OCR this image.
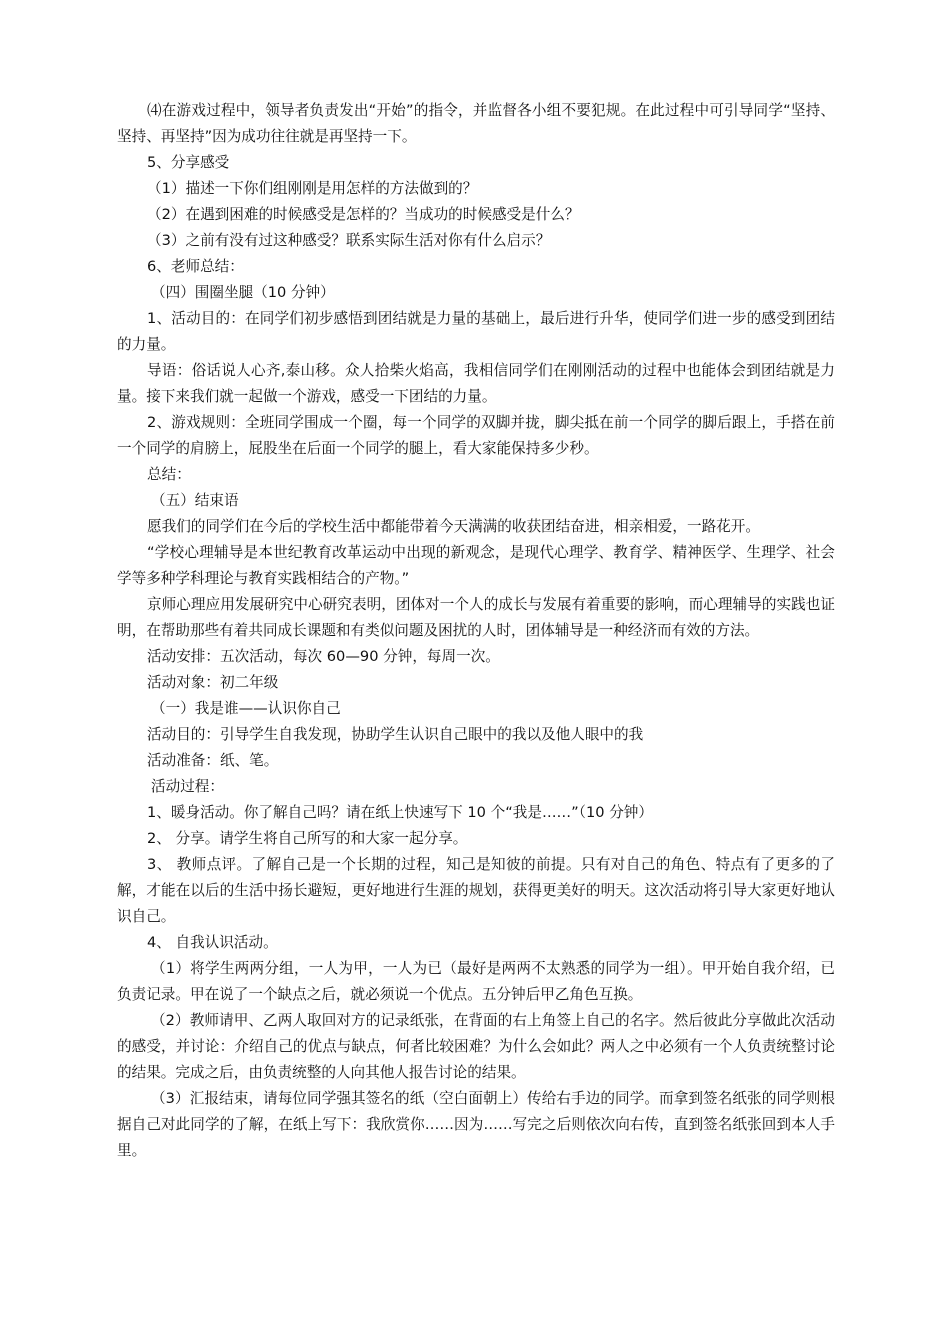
⑷在游戏过程中，领导者负责发出“开始”的指令，并监督各小组不要犯规。在此过程中可引导同学“坚持、坚持、再坚持”因为成功往往就是再坚持一下。

5、分享感受

（1）描述一下你们组刚刚是用怎样的方法做到的？

（2）在遇到困难的时候感受是怎样的？当成功的时候感受是什么？

（3）之前有没有过这种感受？联系实际生活对你有什么启示？

6、老师总结：

（四）围圈坐腿（10 分钟）

1、活动目的：在同学们初步感悟到团结就是力量的基础上，最后进行升华，使同学们进一步的感受到团结的力量。

导语：俗话说人心齐,泰山移。众人拾柴火焰高，我相信同学们在刚刚活动的过程中也能体会到团结就是力量。接下来我们就一起做一个游戏，感受一下团结的力量。

2、游戏规则：全班同学围成一个圈，每一个同学的双脚并拢，脚尖抵在前一个同学的脚后跟上，手搭在前一个同学的肩膀上，屁股坐在后面一个同学的腿上，看大家能保持多少秒。

总结：

（五）结束语

愿我们的同学们在今后的学校生活中都能带着今天满满的收获团结奋进，相亲相爱，一路花开。

“学校心理辅导是本世纪教育改革运动中出现的新观念，是现代心理学、教育学、精神医学、生理学、社会学等多种学科理论与教育实践相结合的产物。”

京师心理应用发展研究中心研究表明，团体对一个人的成长与发展有着重要的影响，而心理辅导的实践也证明，在帮助那些有着共同成长课题和有类似问题及困扰的人时，团体辅导是一种经济而有效的方法。

活动安排：五次活动，每次 60—90 分钟，每周一次。

活动对象：初二年级

（一）我是谁——认识你自己

活动目的：引导学生自我发现，协助学生认识自己眼中的我以及他人眼中的我

活动准备：纸、笔。

活动过程：

1、暖身活动。你了解自己吗？请在纸上快速写下 10 个“我是……”（10 分钟）

2、 分享。请学生将自己所写的和大家一起分享。

3、 教师点评。了解自己是一个长期的过程，知己是知彼的前提。只有对自己的角色、特点有了更多的了解，才能在以后的生活中扬长避短，更好地进行生涯的规划，获得更美好的明天。这次活动将引导大家更好地认识自己。

4、 自我认识活动。

（1）将学生两两分组，一人为甲，一人为已（最好是两两不太熟悉的同学为一组）。甲开始自我介绍，已负责记录。甲在说了一个缺点之后，就必须说一个优点。五分钟后甲乙角色互换。

（2）教师请甲、乙两人取回对方的记录纸张，在背面的右上角签上自己的名字。然后彼此分享做此次活动的感受，并讨论：介绍自己的优点与缺点，何者比较困难？为什么会如此？两人之中必须有一个人负责统整讨论的结果。完成之后，由负责统整的人向其他人报告讨论的结果。

（3）汇报结束，请每位同学强其签名的纸（空白面朝上）传给右手边的同学。而拿到签名纸张的同学则根据自己对此同学的了解，在纸上写下：我欣赏你……因为……写完之后则依次向右传，直到签名纸张回到本人手里。
